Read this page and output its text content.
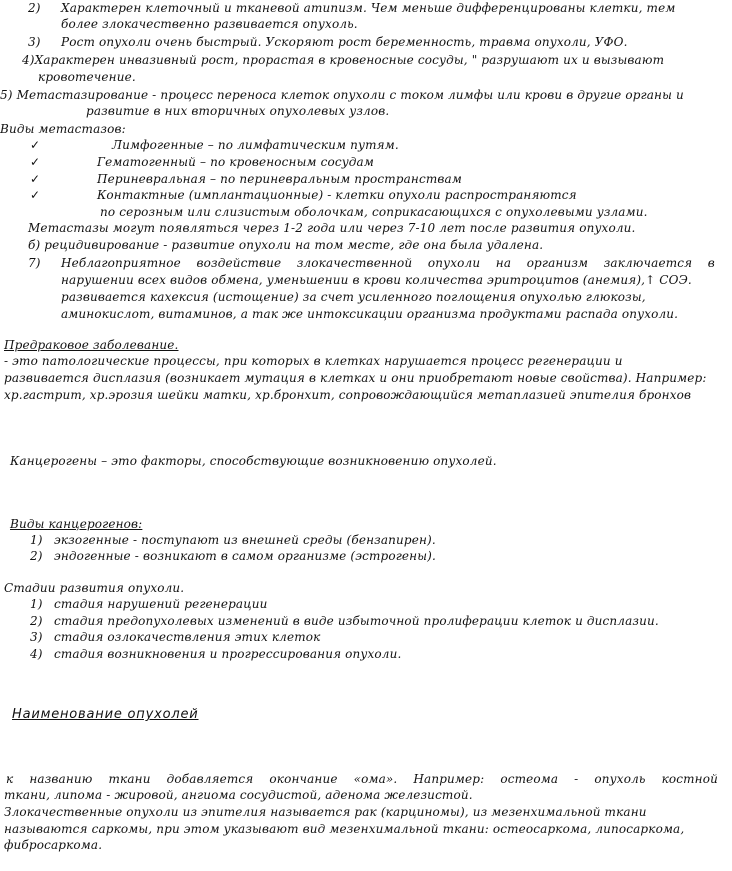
2) Характерен клеточный и тканевой атипизм. Чем меньше дифференцированы клетки, тем
более злокачественно развивается опухоль.
3) Рост опухоли очень быстрый. Ускоряют рост беременность, травма опухоли, УФО.
4)Характерен инвазивный рост, прорастая в кровеносные сосуды, " разрушают их и вызывают
кровотечение.
5) Метастазирование - процесс переноса клеток опухоли с током лимфы или крови в другие органы и
развитие в них вторичных опухолевых узлов.
Виды метастазов:
✓	Лимфогенные – по лимфатическим путям.
✓	Гематогенный – по кровеносным сосудам
✓	Периневральная – по периневральным пространствам
✓	Контактные (имплантационные) - клетки опухоли распространяются
по серозным или слизистым оболочкам, соприкасающихся с опухолевыми узлами.
Метастазы могут появляться через 1-2 года или через 7-10 лет после развития опухоли.
б) рецидивирование - развитие опухоли на том месте, где она была удалена.
7) Неблагоприятное воздействие злокачественной опухоли на организм заключается в
нарушении всех видов обмена, уменьшении в крови количества эритроцитов (анемия),↑ СОЭ.
развивается кахексия (истощение) за счет усиленного поглощения опухолью глюкозы,
аминокислот, витаминов, а так же интоксикации организма продуктами распада опухоли.
Предраковое заболевание.
- это патологические процессы, при которых в клетках нарушается процесс регенерации и
развивается дисплазия (возникает мутация в клетках и они приобретают новые свойства). Например:
хр.гастрит, хр.эрозия шейки матки, хр.бронхит, сопровождающийся метаплазией эпителия бронхов
Канцерогены – это факторы, способствующие возникновению опухолей.
Виды канцерогенов:
1) экзогенные - поступают из внешней среды (бензапирен).
2) эндогенные - возникают в самом организме (эстрогены).
Стадии развития опухоли.
1) стадия нарушений регенерации
2) стадия предопухолевых изменений в виде избыточной пролиферации клеток и дисплазии.
3) стадия озлокачествления этих клеток
4) стадия возникновения и прогрессирования опухоли.
Наименование опухолей
к названию ткани добавляется окончание «ома». Например: остеома - опухоль костной
ткани, липома - жировой, ангиома сосудистой, аденома железистой.
Злокачественные опухоли из эпителия называется рак (карциномы), из мезенхимальной ткани
называются саркомы, при этом указывают вид мезенхимальной ткани: остеосаркома, липосаркома,
фибросаркома.
